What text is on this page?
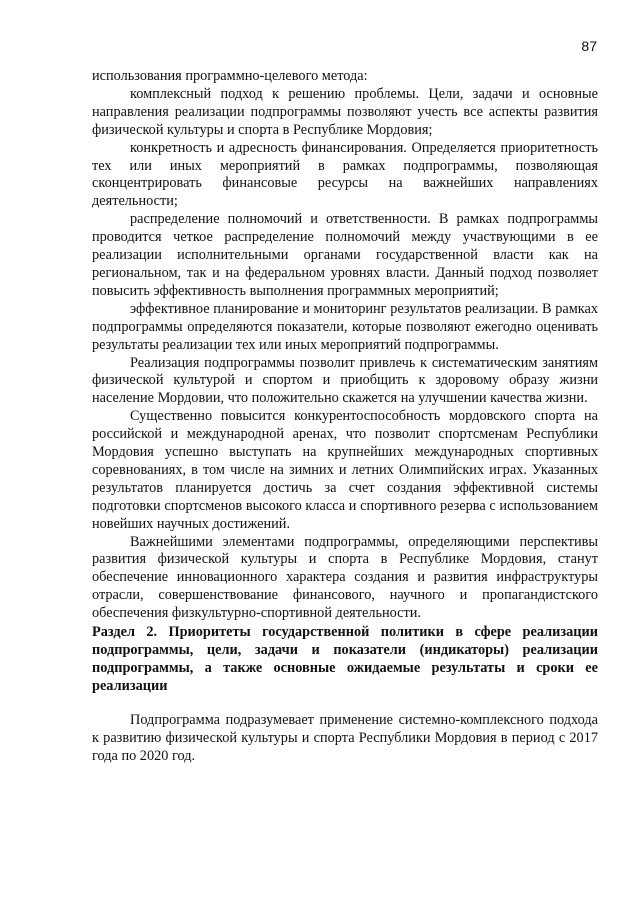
87

использования программно-целевого метода:

комплексный подход к решению проблемы. Цели, задачи и основные направления реализации подпрограммы позволяют учесть все аспекты развития физической культуры и спорта в Республике Мордовия;

конкретность и адресность финансирования. Определяется приоритетность тех или иных мероприятий в рамках подпрограммы, позволяющая сконцентрировать финансовые ресурсы на важнейших направлениях деятельности;

распределение полномочий и ответственности. В рамках подпрограммы проводится четкое распределение полномочий между участвующими в ее реализации исполнительными органами государственной власти как на региональном, так и на федеральном уровнях власти. Данный подход позволяет повысить эффективность выполнения программных мероприятий;

эффективное планирование и мониторинг результатов реализации. В рамках подпрограммы определяются показатели, которые позволяют ежегодно оценивать результаты реализации тех или иных мероприятий подпрограммы.

Реализация подпрограммы позволит привлечь к систематическим занятиям физической культурой и спортом и приобщить к здоровому образу жизни население Мордовии, что положительно скажется на улучшении качества жизни.

Существенно повысится конкурентоспособность мордовского спорта на российской и международной аренах, что позволит спортсменам Республики Мордовия успешно выступать на крупнейших международных спортивных соревнованиях, в том числе на зимних и летних Олимпийских играх. Указанных результатов планируется достичь за счет создания эффективной системы подготовки спортсменов высокого класса и спортивного резерва с использованием новейших научных достижений.

Важнейшими элементами подпрограммы, определяющими перспективы развития физической культуры и спорта в Республике Мордовия, станут обеспечение инновационного характера создания и развития инфраструктуры отрасли, совершенствование финансового, научного и пропагандистского обеспечения физкультурно-спортивной деятельности.

Раздел 2. Приоритеты государственной политики в сфере реализации подпрограммы, цели, задачи и показатели (индикаторы) реализации подпрограммы, а также основные ожидаемые результаты и сроки ее реализации

Подпрограмма подразумевает применение системно-комплексного подхода к развитию физической культуры и спорта Республики Мордовия в период с 2017 года по 2020 год.
